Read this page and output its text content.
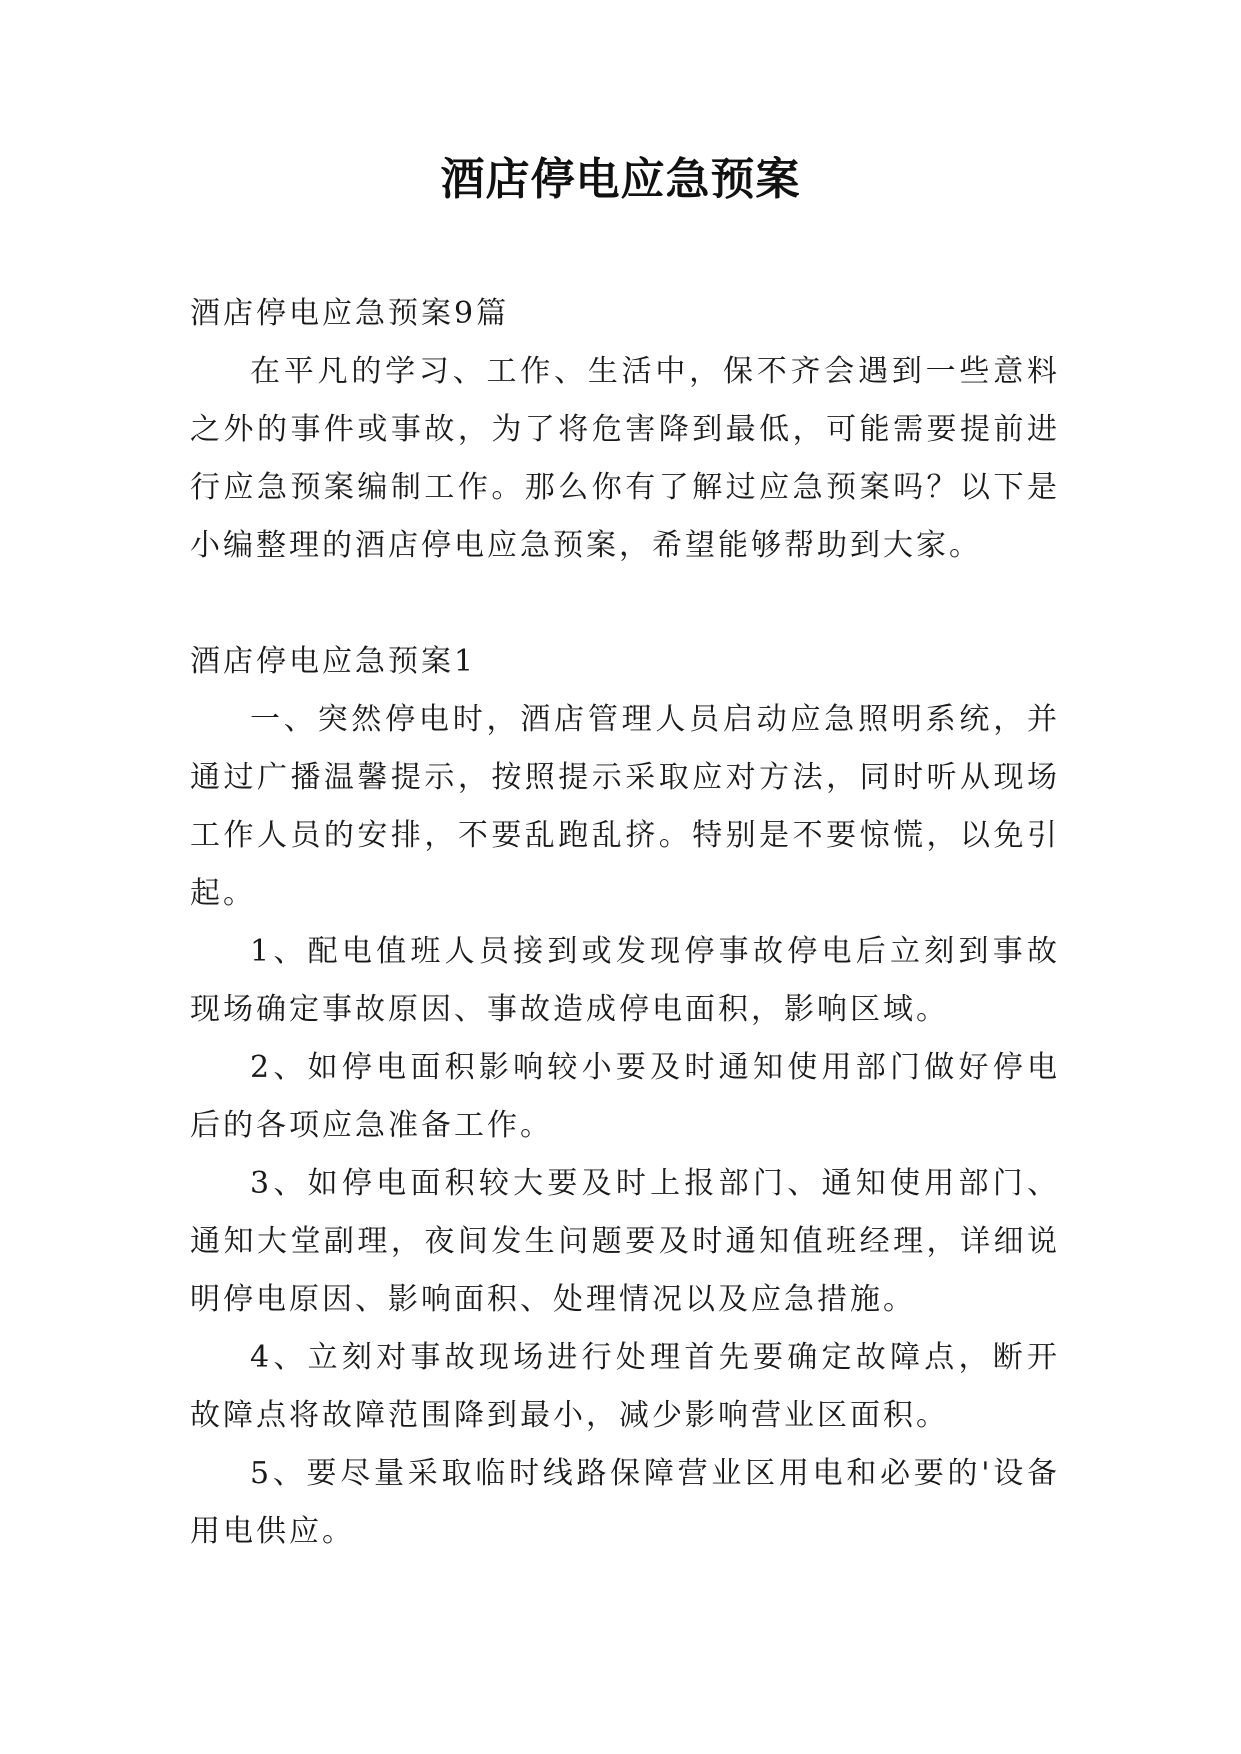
酒店停电应急预案

酒店停电应急预案9篇

在平凡的学习、工作、生活中，保不齐会遇到一些意料之外的事件或事故，为了将危害降到最低，可能需要提前进行应急预案编制工作。那么你有了解过应急预案吗？以下是小编整理的酒店停电应急预案，希望能够帮助到大家。

酒店停电应急预案1

一、突然停电时，酒店管理人员启动应急照明系统，并通过广播温馨提示，按照提示采取应对方法，同时听从现场工作人员的安排，不要乱跑乱挤。特别是不要惊慌，以免引起。

1、配电值班人员接到或发现停事故停电后立刻到事故现场确定事故原因、事故造成停电面积，影响区域。

2、如停电面积影响较小要及时通知使用部门做好停电后的各项应急准备工作。

3、如停电面积较大要及时上报部门、通知使用部门、通知大堂副理，夜间发生问题要及时通知值班经理，详细说明停电原因、影响面积、处理情况以及应急措施。

4、立刻对事故现场进行处理首先要确定故障点，断开故障点将故障范围降到最小，减少影响营业区面积。

5、要尽量采取临时线路保障营业区用电和必要的'设备用电供应。
